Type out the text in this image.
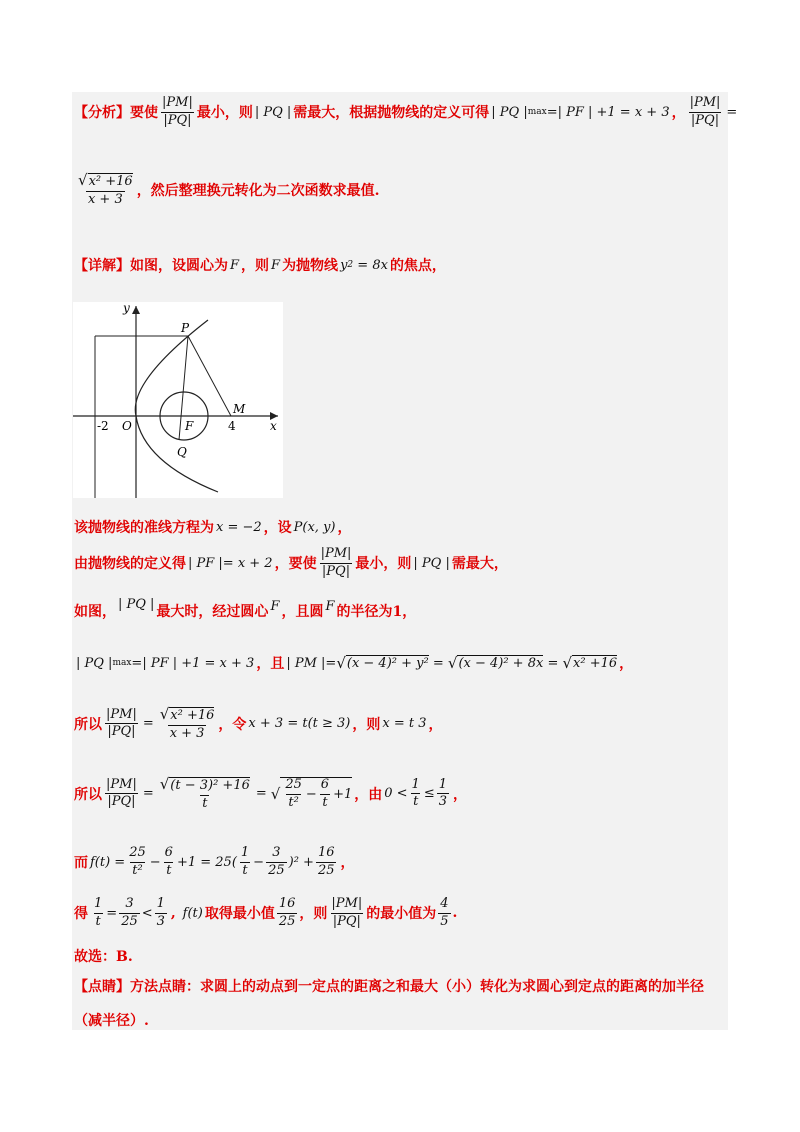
【分析】 要使 $\frac{|PM|}{|PQ|}$ 最小，则 | PQ | 需最大，根据抛物线的定义可得 | PQ | max =| PF | +1 = x + 3 ， $\frac{|PM|}{|PQ|}$ =
$\frac{\text{√x² +16}}{x + 3}$ ，然后整理换元转化为二次函数求最值.
【详解】 如图，设圆心为 F ，则 F 为抛物线 y 2
= 8x 的焦点，
y
x
O
-2	4
P
M
F
Q
该抛物线的准线方程为 x = −2 ，设 P(x, y) ，
由抛物线的定义得 | PF |= x + 2 ，要使 $\frac{|PM|}{|PQ|}$ 最小，则 | PQ | 需最大，
如图， | PQ | 最大时，经过圆心 F ，且圆 F 的半径为1，
| PQ | max =| PF | +1 = x + 3 ，且 | PM |= √ (x − 4)² + y² = √ (x − 4)² + 8x = √ x² +16 ，
所以 $\frac{|PM|}{|PQ|} = \frac{\text{√x² +16}}{x + 3}$ ，令 x + 3 = t(t ≥ 3) ，则 x = t 3 ，
所以 $\frac{|PM|}{|PQ|} = \frac{\text{√(t − 3)² +16}}{t}$ = √ $\frac{25}{\text{t²}} - \frac{6}{t} +1$ ，由 $0 < \frac{1}{t} \le \frac{1}{3}$ ，
而 $f(t) = \frac{25}{\text{t²}} - \frac{6}{t} +1 = 25( \frac{1}{t} - \frac{3}{25} )^2 + \frac{16}{25}$ ，
得 $\frac{1}{t} = \frac{3}{25} < \frac{1}{3}$ , f(t) 取得最小值 $\frac{16}{25}$ ，则 $\frac{|PM|}{|PQ|}$ 的最小值为 $\frac{4}{5}$ .
故选：B.
【点睛】 方法点睛：求圆上的动点到一定点的距离之和最大（小）转化为求圆心到定点的距离的加半径
（减半径）.
